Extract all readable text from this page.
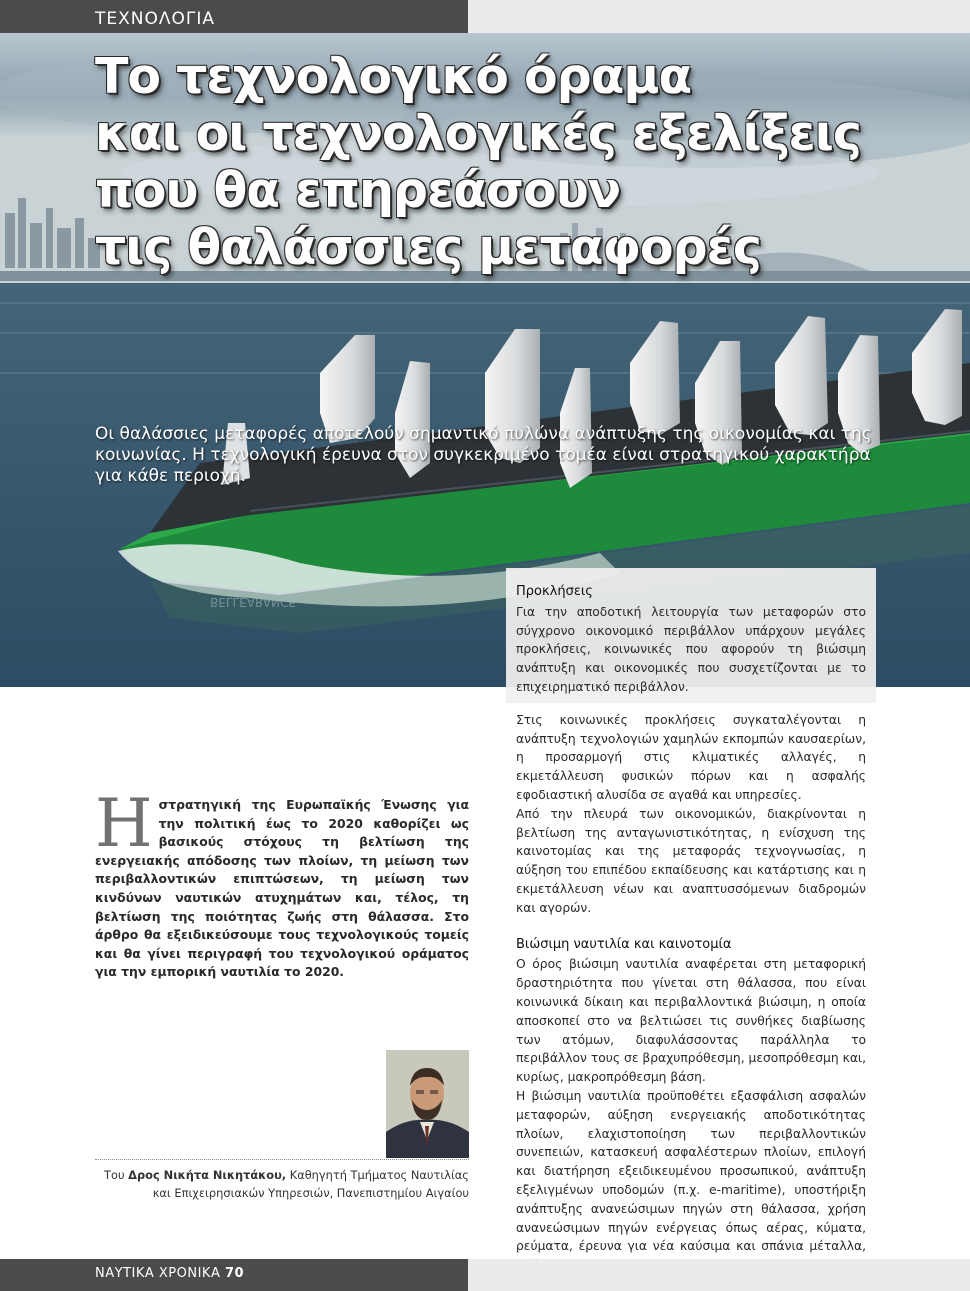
ΤΕΧΝΟΛΟΓΙΑ
BELLEARANCE
Το τεχνολογικό όραμα
και οι τεχνολογικές εξελίξεις
που θα επηρεάσουν
τις θαλάσσιες μεταφορές
Οι θαλάσσιες μεταφορές αποτελούν σημαντικό πυλώνα ανάπτυξης της οικονομίας και της κοινωνίας. Η τεχνολογική έρευνα στον συγκεκριμένο τομέα είναι στρατηγικού χαρακτήρα για κάθε περιοχή.
Προκλήσεις

Για την αποδοτική λειτουργία των μεταφορών στο σύγχρονο οικονομικό περιβάλλον υπάρχουν μεγάλες προκλήσεις, κοινωνικές που αφορούν τη βιώσιμη ανάπτυξη και οικονομικές που συσχετίζονται με το επιχειρηματικό περιβάλλον.

Στις κοινωνικές προκλήσεις συγκαταλέγονται η ανάπτυξη τεχνολογιών χαμηλών εκπομπών καυσαερίων, η προσαρμογή στις κλιματικές αλλαγές, η εκμετάλλευση φυσικών πόρων και η ασφαλής εφοδιαστική αλυσίδα σε αγαθά και υπηρεσίες.

Από την πλευρά των οικονομικών, διακρίνονται η βελτίωση της ανταγωνιστικότητας, η ενίσχυση της καινοτομίας και της μεταφοράς τεχνογνωσίας, η αύξηση του επιπέδου εκπαίδευσης και κατάρτισης και η εκμετάλλευση νέων και αναπτυσσόμενων διαδρομών και αγορών.

Βιώσιμη ναυτιλία και καινοτομία

Ο όρος βιώσιμη ναυτιλία αναφέρεται στη μεταφορική δραστηριότητα που γίνεται στη θάλασσα, που είναι κοινωνικά δίκαιη και περιβαλλοντικά βιώσιμη, η οποία αποσκοπεί στο να βελτιώσει τις συνθήκες διαβίωσης των ατόμων, διαφυλάσσοντας παράλληλα το περιβάλλον τους σε βραχυπρόθεσμη, μεσοπρόθεσμη και, κυρίως, μακροπρόθεσμη βάση.

Η βιώσιμη ναυτιλία προϋποθέτει εξασφάλιση ασφαλών μεταφορών, αύξηση ενεργειακής αποδοτικότητας πλοίων, ελαχιστοποίηση των περιβαλλοντικών συνεπειών, κατασκευή ασφαλέστερων πλοίων, επιλογή και διατήρηση εξειδικευμένου προσωπικού, ανάπτυξη εξελιγμένων υποδομών (π.χ. e-maritime), υποστήριξη ανάπτυξης ανανεώσιμων πηγών στη θάλασσα, χρήση ανανεώσιμων πηγών ενέργειας όπως αέρας, κύματα, ρεύματα, έρευνα για νέα καύσιμα και σπάνια μέταλλα,

Ηστρατηγική της Ευρωπαϊκής Ένωσης για την πολιτική έως το 2020 καθορίζει ως βασικούς στόχους τη βελτίωση της ενεργειακής απόδοσης των πλοίων, τη μείωση των περιβαλλοντικών επιπτώσεων, τη μείωση των κινδύνων ναυτικών ατυχημάτων και, τέλος, τη βελτίωση της ποιότητας ζωής στη θάλασσα. Στο άρθρο θα εξειδικεύσουμε τους τεχνολογικούς τομείς και θα γίνει περιγραφή του τεχνολογικού οράματος για την εμπορική ναυτιλία το 2020.
Του Δρος Νικήτα Νικητάκου, Καθηγητή Τμήματος Ναυτιλίας
και Επιχειρησιακών Υπηρεσιών, Πανεπιστημίου Αιγαίου
ΝΑΥΤΙΚΑ ΧΡΟΝΙΚΑ 70
